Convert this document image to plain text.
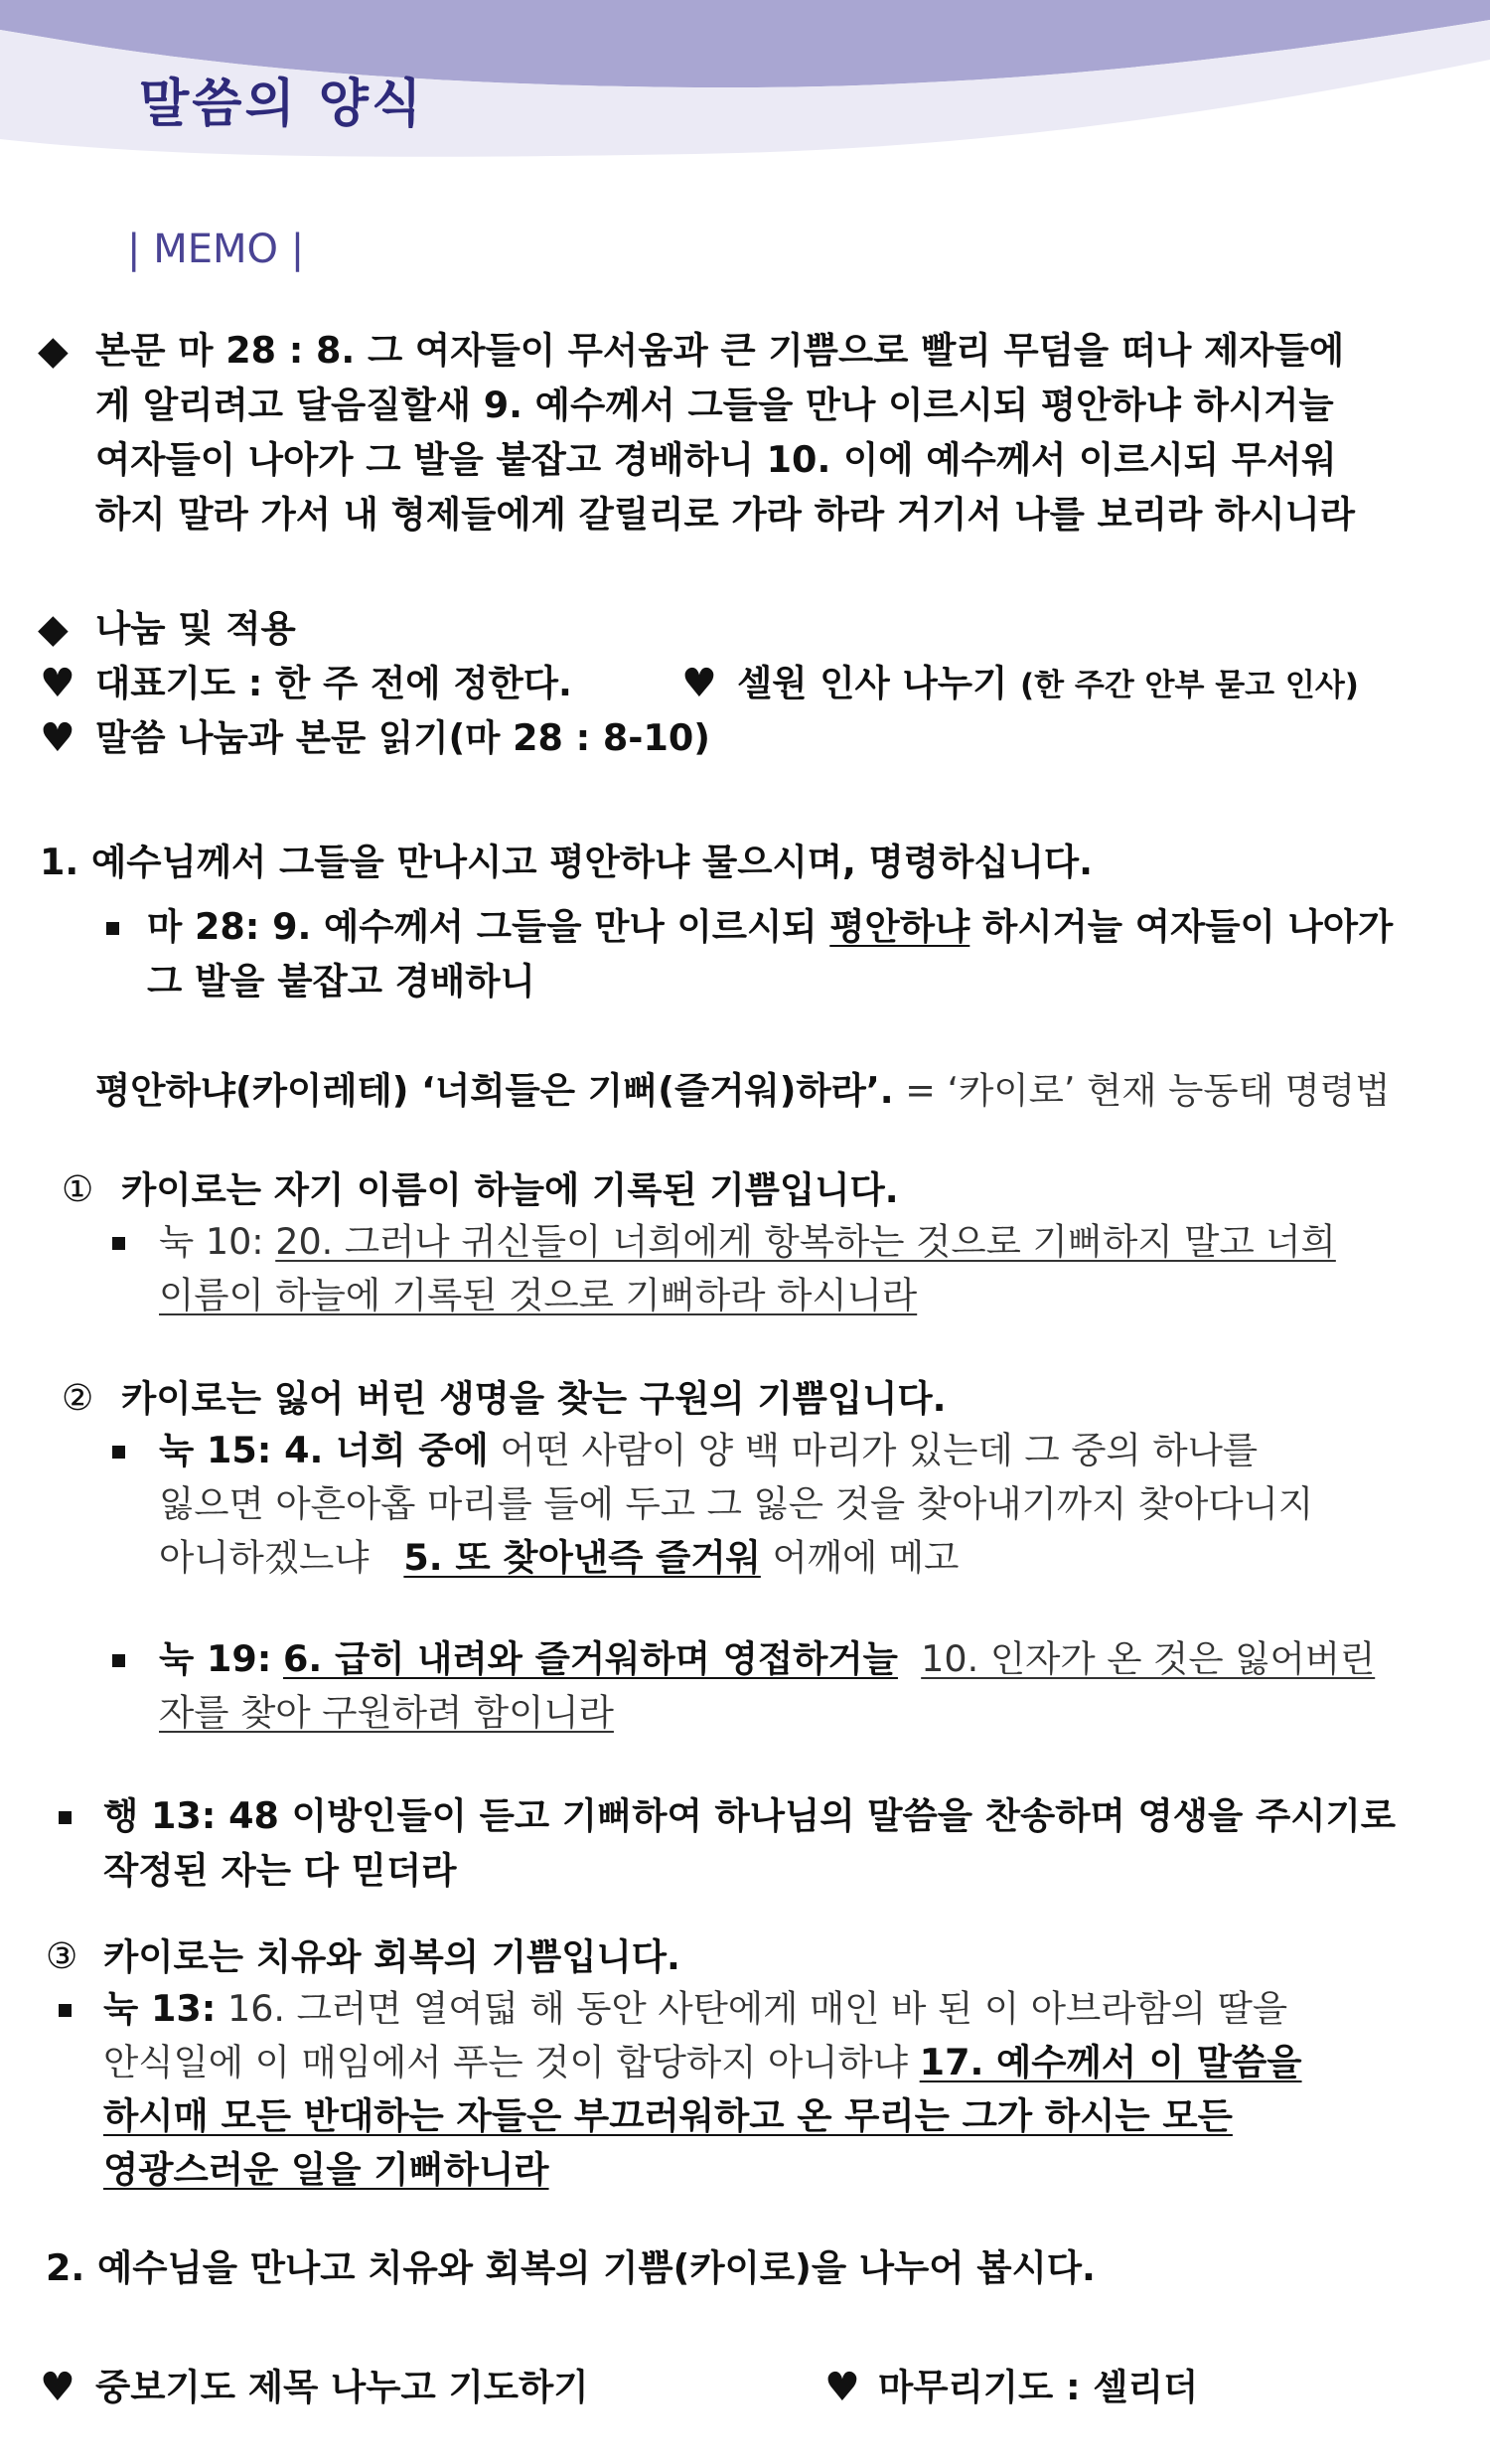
말씀의 양식
| MEMO |
◆ 본문 마 28 : 8. 그 여자들이 무서움과 큰 기쁨으로 빨리 무덤을 떠나 제자들에
게 알리려고 달음질할새 9. 예수께서 그들을 만나 이르시되 평안하냐 하시거늘
여자들이 나아가 그 발을 붙잡고 경배하니 10. 이에 예수께서 이르시되 무서워
하지 말라 가서 내 형제들에게 갈릴리로 가라 하라 거기서 나를 보리라 하시니라
◆ 나눔 및 적용
♥ 대표기도 : 한 주 전에 정한다.	♥ 셀원 인사 나누기 (한 주간 안부 묻고 인사)
♥ 말씀 나눔과 본문 읽기(마 28 : 8-10)
1. 예수님께서 그들을 만나시고 평안하냐 물으시며, 명령하십니다.
마 28: 9. 예수께서 그들을 만나 이르시되 평안하냐 하시거늘 여자들이 나아가
그 발을 붙잡고 경배하니
평안하냐(카이레테) ‘너희들은 기뻐(즐거워)하라’. = ‘카이로’ 현재 능동태 명령법
① 카이로는 자기 이름이 하늘에 기록된 기쁨입니다.
눅 10: 20. 그러나 귀신들이 너희에게 항복하는 것으로 기뻐하지 말고 너희
이름이 하늘에 기록된 것으로 기뻐하라 하시니라
② 카이로는 잃어 버린 생명을 찾는 구원의 기쁨입니다.
눅 15: 4. 너희 중에 어떤 사람이 양 백 마리가 있는데 그 중의 하나를
잃으면 아흔아홉 마리를 들에 두고 그 잃은 것을 찾아내기까지 찾아다니지
아니하겠느냐 5. 또 찾아낸즉 즐거워 어깨에 메고
눅 19: 6. 급히 내려와 즐거워하며 영접하거늘 10. 인자가 온 것은 잃어버린
자를 찾아 구원하려 함이니라
행 13: 48 이방인들이 듣고 기뻐하여 하나님의 말씀을 찬송하며 영생을 주시기로
작정된 자는 다 믿더라
③ 카이로는 치유와 회복의 기쁨입니다.
눅 13: 16. 그러면 열여덟 해 동안 사탄에게 매인 바 된 이 아브라함의 딸을
안식일에 이 매임에서 푸는 것이 합당하지 아니하냐 17. 예수께서 이 말씀을
하시매 모든 반대하는 자들은 부끄러워하고 온 무리는 그가 하시는 모든
영광스러운 일을 기뻐하니라
2. 예수님을 만나고 치유와 회복의 기쁨(카이로)을 나누어 봅시다.
♥ 중보기도 제목 나누고 기도하기	♥ 마무리기도 : 셀리더
